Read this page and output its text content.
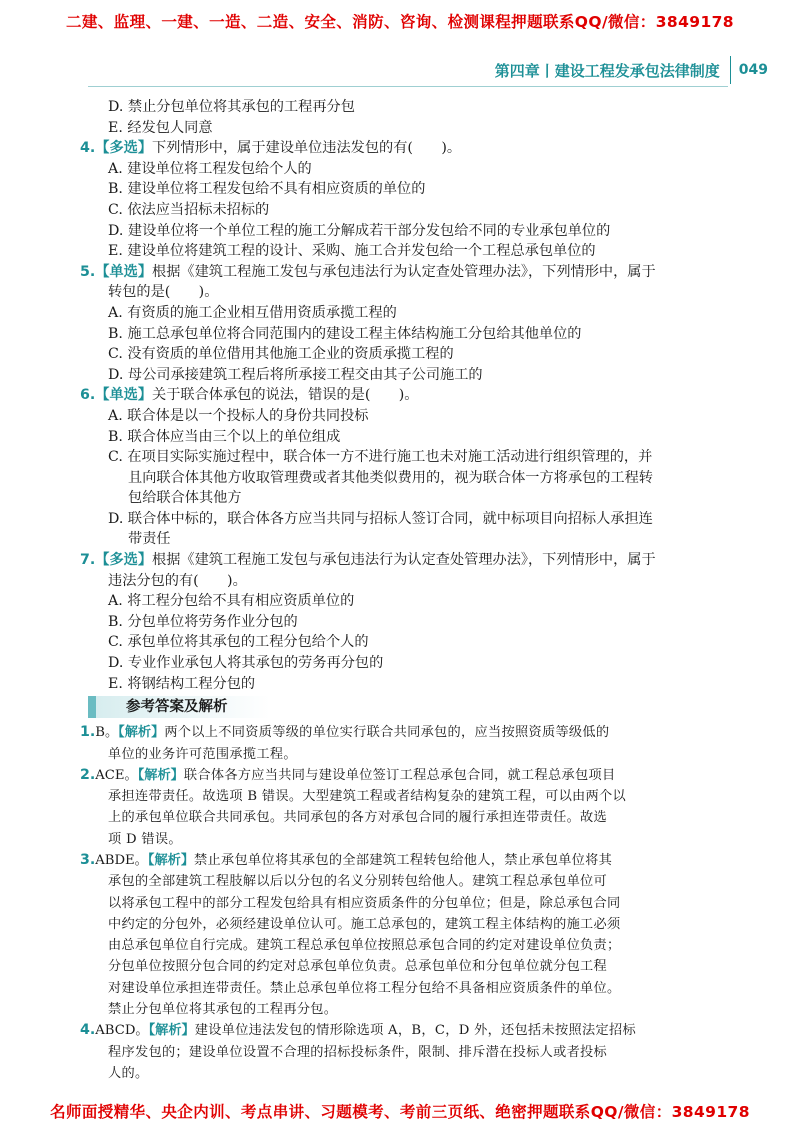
二建、监理、一建、一造、二造、安全、消防、咨询、检测课程押题联系QQ/微信：3849178
第四章丨建设工程发承包法律制度	049
D. 禁止分包单位将其承包的工程再分包
E. 经发包人同意
4.【多选】下列情形中，属于建设单位违法发包的有(　　)。
A. 建设单位将工程发包给个人的
B. 建设单位将工程发包给不具有相应资质的单位的
C. 依法应当招标未招标的
D. 建设单位将一个单位工程的施工分解成若干部分发包给不同的专业承包单位的
E. 建设单位将建筑工程的设计、采购、施工合并发包给一个工程总承包单位的
5.【单选】根据《建筑工程施工发包与承包违法行为认定查处管理办法》，下列情形中，属于
转包的是(　　)。
A. 有资质的施工企业相互借用资质承揽工程的
B. 施工总承包单位将合同范围内的建设工程主体结构施工分包给其他单位的
C. 没有资质的单位借用其他施工企业的资质承揽工程的
D. 母公司承接建筑工程后将所承接工程交由其子公司施工的
6.【单选】关于联合体承包的说法，错误的是(　　)。
A. 联合体是以一个投标人的身份共同投标
B. 联合体应当由三个以上的单位组成
C. 在项目实际实施过程中，联合体一方不进行施工也未对施工活动进行组织管理的，并
且向联合体其他方收取管理费或者其他类似费用的，视为联合体一方将承包的工程转
包给联合体其他方
D. 联合体中标的，联合体各方应当共同与招标人签订合同，就中标项目向招标人承担连
带责任
7.【多选】根据《建筑工程施工发包与承包违法行为认定查处管理办法》，下列情形中，属于
违法分包的有(　　)。
A. 将工程分包给不具有相应资质单位的
B. 分包单位将劳务作业分包的
C. 承包单位将其承包的工程分包给个人的
D. 专业作业承包人将其承包的劳务再分包的
E. 将钢结构工程分包的
参考答案及解析
1.B。【解析】两个以上不同资质等级的单位实行联合共同承包的，应当按照资质等级低的
单位的业务许可范围承揽工程。
2.ACE。【解析】联合体各方应当共同与建设单位签订工程总承包合同，就工程总承包项目
承担连带责任。故选项 B 错误。大型建筑工程或者结构复杂的建筑工程，可以由两个以
上的承包单位联合共同承包。共同承包的各方对承包合同的履行承担连带责任。故选
项 D 错误。
3.ABDE。【解析】禁止承包单位将其承包的全部建筑工程转包给他人，禁止承包单位将其
承包的全部建筑工程肢解以后以分包的名义分别转包给他人。建筑工程总承包单位可
以将承包工程中的部分工程发包给具有相应资质条件的分包单位；但是，除总承包合同
中约定的分包外，必须经建设单位认可。施工总承包的，建筑工程主体结构的施工必须
由总承包单位自行完成。建筑工程总承包单位按照总承包合同的约定对建设单位负责；
分包单位按照分包合同的约定对总承包单位负责。总承包单位和分包单位就分包工程
对建设单位承担连带责任。禁止总承包单位将工程分包给不具备相应资质条件的单位。
禁止分包单位将其承包的工程再分包。
4.ABCD。【解析】建设单位违法发包的情形除选项 A，B，C，D 外，还包括未按照法定招标
程序发包的；建设单位设置不合理的招标投标条件，限制、排斥潜在投标人或者投标
人的。
名师面授精华、央企内训、考点串讲、习题模考、考前三页纸、绝密押题联系QQ/微信：3849178
